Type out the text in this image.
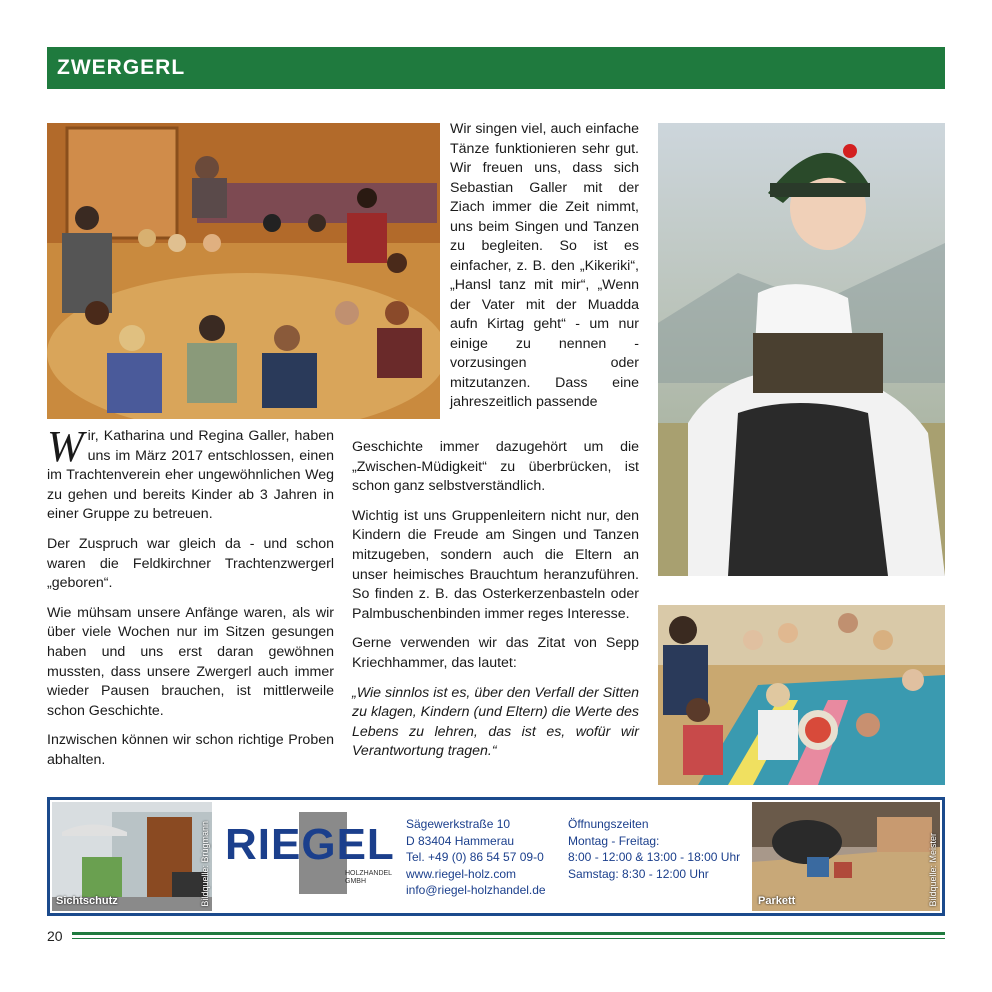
ZWERGERL
Wir singen viel, auch einfache Tänze funktionieren sehr gut. Wir freuen uns, dass sich Sebastian Galler mit der Ziach immer die Zeit nimmt, uns beim Singen und Tanzen zu begleiten. So ist es einfacher, z. B. den „Kikeriki“, „Hansl tanz mit mir“, „Wenn der Vater mit der Muadda aufn Kirtag geht“ - um nur einige zu nennen - vorzusingen oder mitzutanzen. Dass eine jahreszeitlich passende

Wir, Katharina und Regina Galler, haben uns im März 2017 entschlossen, einen im Trachtenverein eher ungewöhnlichen Weg zu gehen und bereits Kinder ab 3 Jahren in einer Gruppe zu betreuen.

Der Zuspruch war gleich da - und schon waren die Feldkirchner Trachtenzwergerl „geboren“.

Wie mühsam unsere Anfänge waren, als wir über viele Wochen nur im Sitzen gesungen haben und uns erst daran gewöhnen mussten, dass unsere Zwergerl auch immer wieder Pausen brauchen, ist mittlerweile schon Geschichte.

Inzwischen können wir schon richtige Proben abhalten.

Geschichte immer dazugehört um die „Zwischen-Müdigkeit“ zu überbrücken, ist schon ganz selbstverständlich.

Wichtig ist uns Gruppenleitern nicht nur, den Kindern die Freude am Singen und Tanzen mitzugeben, sondern auch die Eltern an unser heimisches Brauchtum heranzuführen. So finden z. B. das Osterkerzenbasteln oder Palmbuschenbinden immer reges Interesse.

Gerne verwenden wir das Zitat von Sepp Kriechhammer, das lautet:

„Wie sinnlos ist es, über den Verfall der Sitten zu klagen, Kindern (und Eltern) die Werte des Lebens zu lehren, das ist es, wofür wir Verantwortung tragen.“

Sichtschutz	Bildquelle: Brügmann RIEGEL
HOLZHANDEL
GMBH
Sägewerkstraße 10
D 83404 Hammerau
Tel. +49 (0) 86 54 57 09-0
www.riegel-holz.com
info@riegel-holzhandel.de
Öffnungszeiten
Montag - Freitag:
8:00 - 12:00 & 13:00 - 18:00 Uhr
Samstag: 8:30 - 12:00 Uhr
Parkett	Bildquelle: Meister
20
